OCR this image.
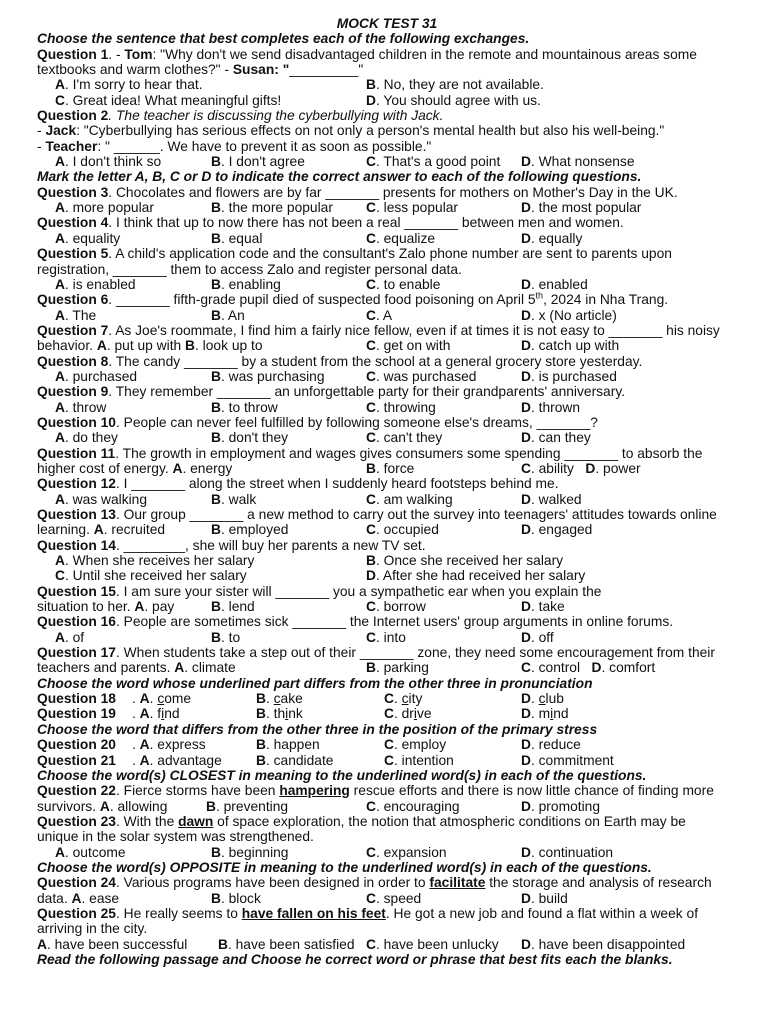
MOCK TEST 31
Choose the sentence that best completes each of the following exchanges.
Question 1. - Tom: "Why don't we send disadvantaged children in the remote and mountainous areas some
textbooks and warm clothes?" - Susan: "_________"
A. I'm sorry to hear that.	B. No, they are not available.
C. Great idea! What meaningful gifts!	D. You should agree with us.
Question 2. The teacher is discussing the cyberbullying with Jack.
- Jack: "Cyberbullying has serious effects on not only a person's mental health but also his well-being."
- Teacher: " ______. We have to prevent it as soon as possible."
A. I don't think so	B. I don't agree	C. That's a good point D. What nonsense
Mark the letter A, B, C or D to indicate the correct answer to each of the following questions.
Question 3. Chocolates and flowers are by far _______ presents for mothers on Mother's Day in the UK.
A. more popular	B. the more popular C. less popular	D. the most popular
Question 4. I think that up to now there has not been a real _______ between men and women.
A. equality	B. equal	C. equalize	D. equally
Question 5. A child's application code and the consultant's Zalo phone number are sent to parents upon
registration, _______ them to access Zalo and register personal data.
A. is enabled	B. enabling	C. to enable	D. enabled
Question 6. _______ fifth-grade pupil died of suspected food poisoning on April 5th, 2024 in Nha Trang.
A. The	B. An	C. A	D. x (No article)
Question 7. As Joe's roommate, I find him a fairly nice fellow, even if at times it is not easy to _______ his noisy
behavior. A. put up with B. look up to	C. get on with	D. catch up with
Question 8. The candy _______ by a student from the school at a general grocery store yesterday.
A. purchased	B. was purchasing	C. was purchased	D. is purchased
Question 9. They remember _______ an unforgettable party for their grandparents' anniversary.
A. throw	B. to throw	C. throwing	D. thrown
Question 10. People can never feel fulfilled by following someone else's dreams, _______?
A. do they	B. don't they	C. can't they	D. can they
Question 11. The growth in employment and wages gives consumers some spending _______ to absorb the
higher cost of energy. A. energy	B. force	C. ability D. power
Question 12. I _______ along the street when I suddenly heard footsteps behind me.
A. was walking	B. walk	C. am walking	D. walked
Question 13. Our group _______ a new method to carry out the survey into teenagers' attitudes towards online
learning. A. recruited	B. employed	C. occupied	D. engaged
Question 14. ________, she will buy her parents a new TV set.
A. When she receives her salary	B. Once she received her salary
C. Until she received her salary	D. After she had received her salary
Question 15. I am sure your sister will _______ you a sympathetic ear when you explain the
situation to her. A. pay	B. lend	C. borrow	D. take
Question 16. People are sometimes sick _______ the Internet users' group arguments in online forums.
A. of	B. to	C. into	D. off
Question 17. When students take a step out of their _______ zone, they need some encouragement from their
teachers and parents. A. climate	B. parking	C. control D. comfort
Choose the word whose underlined part differs from the other three in pronunciation
Question 18 . A. come	B. cake	C. city	D. club
Question 19 . A. find	B. think	C. drive	D. mind
Choose the word that differs from the other three in the position of the primary stress
Question 20 . A. express	B. happen	C. employ	D. reduce
Question 21 . A. advantage B. candidate	C. intention	D. commitment
Choose the word(s) CLOSEST in meaning to the underlined word(s) in each of the questions.
Question 22. Fierce storms have been hampering rescue efforts and there is now little chance of finding more
survivors. A. allowing	B. preventing	C. encouraging	D. promoting
Question 23. With the dawn of space exploration, the notion that atmospheric conditions on Earth may be
unique in the solar system was strengthened.
A. outcome	B. beginning	C. expansion	D. continuation
Choose the word(s) OPPOSITE in meaning to the underlined word(s) in each of the questions.
Question 24. Various programs have been designed in order to facilitate the storage and analysis of research
data. A. ease	B. block	C. speed	D. build
Question 25. He really seems to have fallen on his feet. He got a new job and found a flat within a week of
arriving in the city.
A. have been successful B. have been satisfied C. have been unlucky D. have been disappointed
Read the following passage and Choose he correct word or phrase that best fits each the blanks.
